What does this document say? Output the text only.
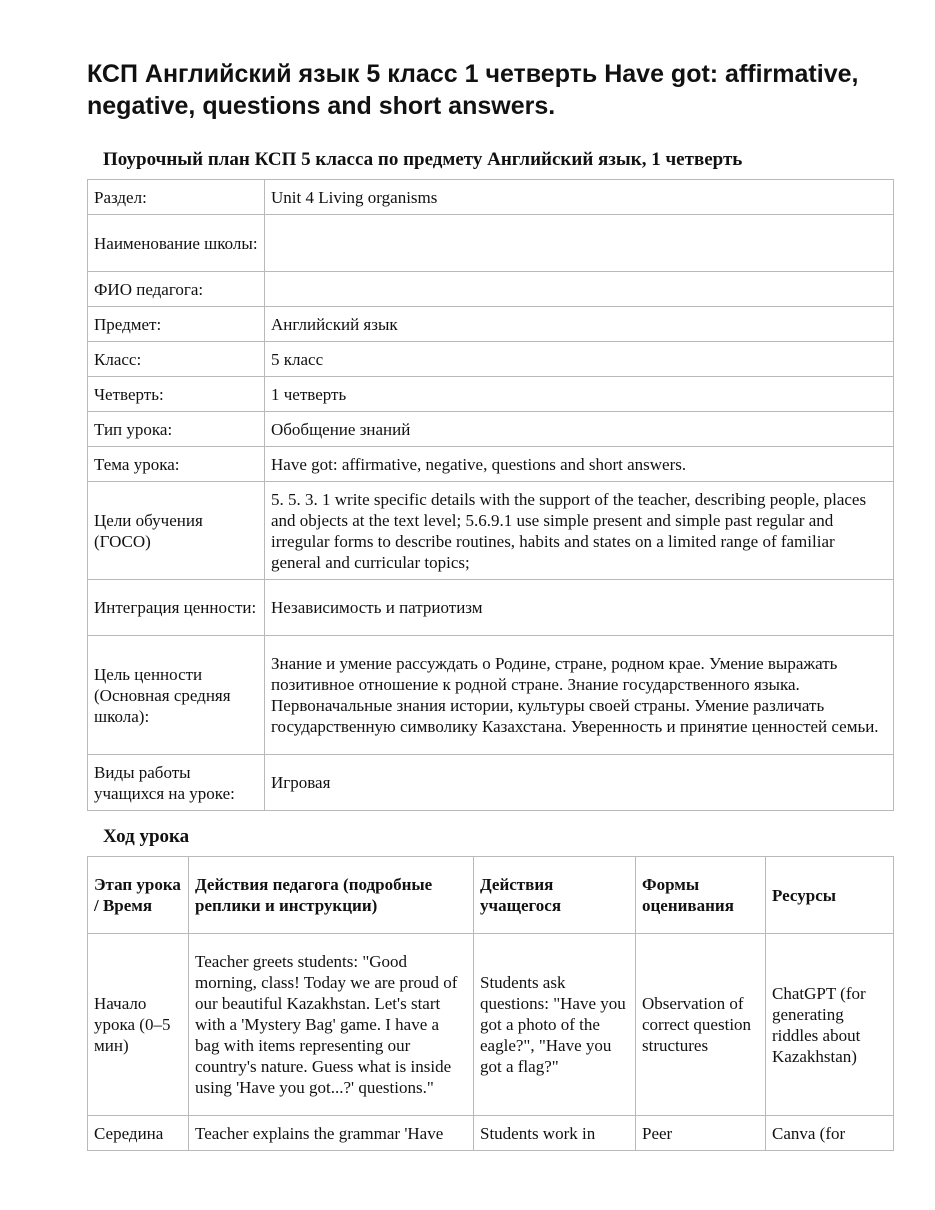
КСП Английский язык 5 класс 1 четверть Have got: affirmative, negative, questions and short answers.
Поурочный план КСП 5 класса по предмету Английский язык, 1 четверть
Раздел:	Unit 4 Living organisms
Наименование школы:	
ФИО педагога:	
Предмет:	Английский язык
Класс:	5 класс
Четверть:	1 четверть
Тип урока:	Обобщение знаний
Тема урока:	Have got: affirmative, negative, questions and short answers.
Цели обучения (ГОСО)	5. 5. 3. 1 write specific details with the support of the teacher, describing people, places and objects at the text level; 5.6.9.1 use simple present and simple past regular and irregular forms to describe routines, habits and states on a limited range of familiar general and curricular topics;
Интеграция ценности:	Независимость и патриотизм
Цель ценности (Основная средняя школа):	Знание и умение рассуждать о Родине, стране, родном крае. Умение выражать позитивное отношение к родной стране. Знание государственного языка. Первоначальные знания истории, культуры своей страны. Умение различать государственную символику Казахстана. Уверенность и принятие ценностей семьи.
Виды работы учащихся на уроке:	Игровая
Ход урока
Этап урока / Время	Действия педагога (подробные реплики и инструкции)	Действия учащегося	Формы оценивания	Ресурсы
Начало урока (0–5 мин)	Teacher greets students: "Good morning, class! Today we are proud of our beautiful Kazakhstan. Let's start with a 'Mystery Bag' game. I have a bag with items representing our country's nature. Guess what is inside using 'Have you got...?' questions."	Students ask questions: "Have you got a photo of the eagle?", "Have you got a flag?"	Observation of correct question structures	ChatGPT (for generating riddles about Kazakhstan)
Середина	Teacher explains the grammar 'Have	Students work in	Peer	Canva (for
